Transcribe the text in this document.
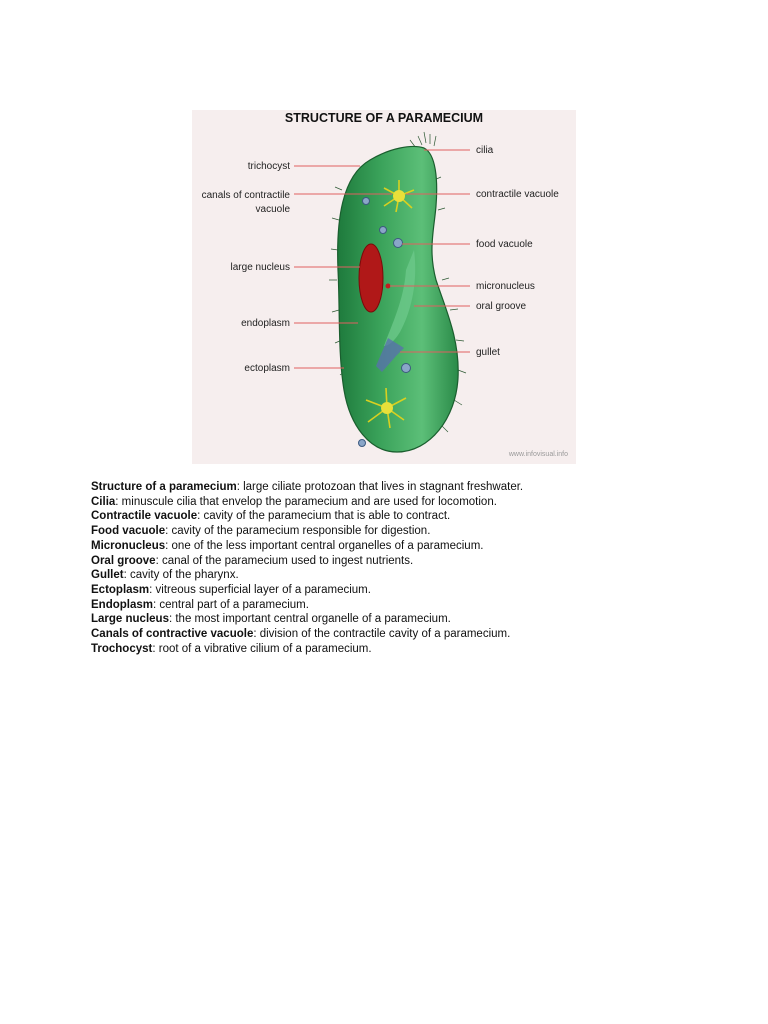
STRUCTURE OF A PARAMECIUM
trichocyst
canals of contractile
vacuole
large nucleus
endoplasm
ectoplasm
cilia
contractile vacuole
food vacuole
micronucleus
oral groove
gullet
www.infovisual.info
Structure of a paramecium: large ciliate protozoan that lives in stagnant freshwater.
Cilia: minuscule cilia that envelop the paramecium and are used for locomotion.
Contractile vacuole: cavity of the paramecium that is able to contract.
Food vacuole: cavity of the paramecium responsible for digestion.
Micronucleus: one of the less important central organelles of a paramecium.
Oral groove: canal of the paramecium used to ingest nutrients.
Gullet: cavity of the pharynx.
Ectoplasm: vitreous superficial layer of a paramecium.
Endoplasm: central part of a paramecium.
Large nucleus: the most important central organelle of a paramecium.
Canals of contractive vacuole: division of the contractile cavity of a paramecium.
Trochocyst: root of a vibrative cilium of a paramecium.
